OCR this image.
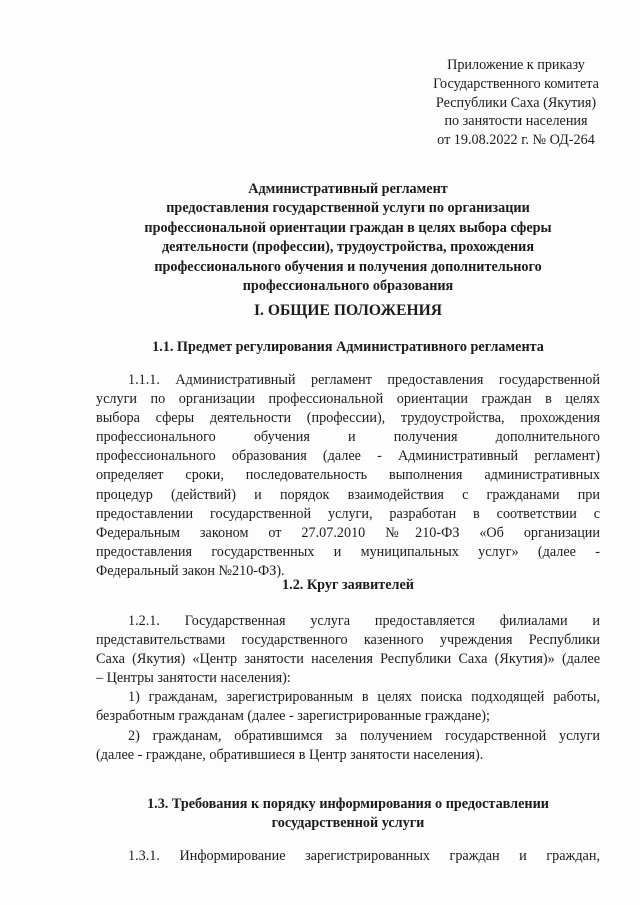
Приложение к приказу
Государственного комитета
Республики Саха (Якутия)
по занятости населения
от 19.08.2022 г. № ОД-264
Административный регламент
предоставления государственной услуги по организации
профессиональной ориентации граждан в целях выбора сферы
деятельности (профессии), трудоустройства, прохождения
профессионального обучения и получения дополнительного
профессионального образования
I. ОБЩИЕ ПОЛОЖЕНИЯ
1.1. Предмет регулирования Административного регламента
1.1.1. Административный регламент предоставления государственной
услуги по организации профессиональной ориентации граждан в целях
выбора сферы деятельности (профессии), трудоустройства, прохождения
профессионального обучения и получения дополнительного
профессионального образования (далее - Административный регламент)
определяет сроки, последовательность выполнения административных
процедур (действий) и порядок взаимодействия с гражданами при
предоставлении государственной услуги, разработан в соответствии с
Федеральным законом от 27.07.2010 №210-ФЗ «Об организации
предоставления государственных и муниципальных услуг» (далее -
Федеральный закон №210-ФЗ).
1.2. Круг заявителей
1.2.1. Государственная услуга предоставляется филиалами и
представительствами государственного казенного учреждения Республики
Саха (Якутия) «Центр занятости населения Республики Саха (Якутия)» (далее
– Центры занятости населения):
1) гражданам, зарегистрированным в целях поиска подходящей работы,
безработным гражданам (далее - зарегистрированные граждане);
2) гражданам, обратившимся за получением государственной услуги
(далее - граждане, обратившиеся в Центр занятости населения).
1.3. Требования к порядку информирования о предоставлении
государственной услуги
1.3.1. Информирование зарегистрированных граждан и граждан,
